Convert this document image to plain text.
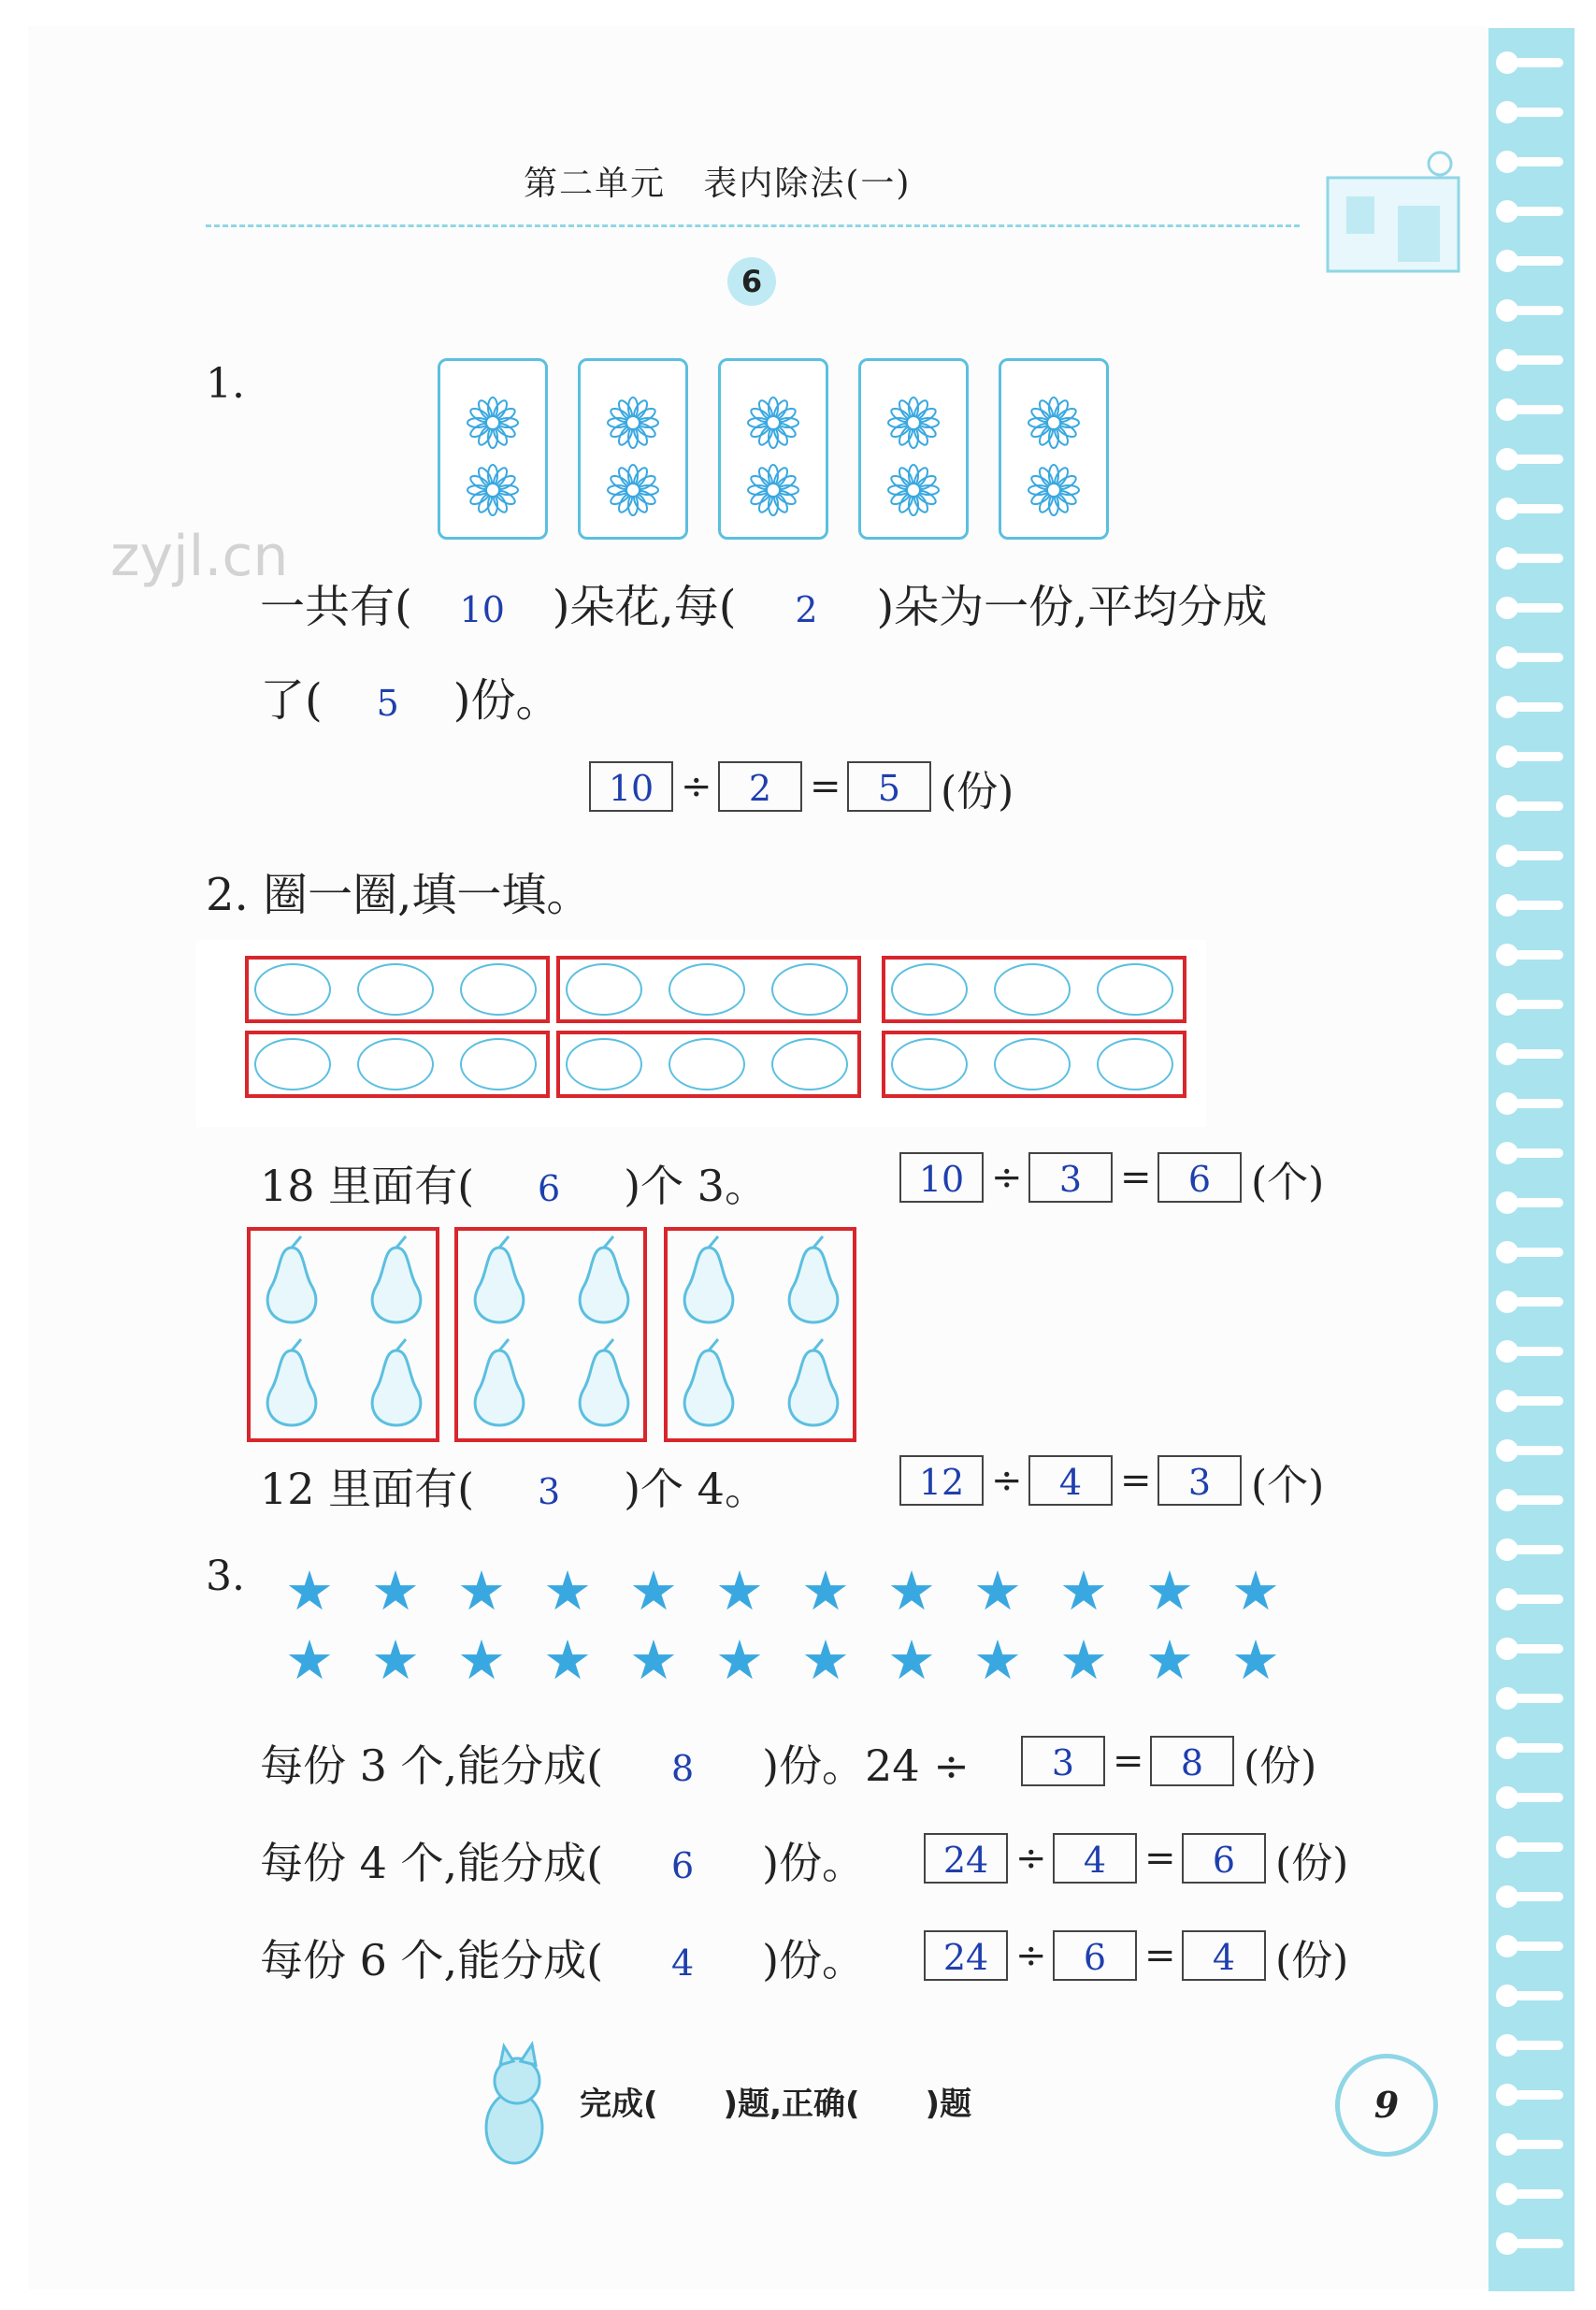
第二单元 表内除法(一)
6
zyjl.cn
1.
一共有( 10 )朵花,每( 2 )朵为一份,平均分成
了( 5 )份。
10 ÷	2	=	5 (份)
2. 圈一圈,填一填。
18 里面有( 6 )个 3。	10 ÷	3	=	6 (个)
12 里面有( 3 )个 4。	12 ÷	4	=	3 (个)
3. ★ ★ ★ ★ ★ ★ ★ ★ ★ ★ ★ ★
★ ★ ★ ★ ★ ★ ★ ★ ★ ★ ★ ★
每份 3 个,能分成( 8 )份。24 ÷	3	=	8 (份)
每份 4 个,能分成( 6 )份。	24 ÷	4	=	6 (份)
每份 6 个,能分成( 4 )份。	24 ÷	6	=	4 (份)
完成( )题,正确( )题	9
